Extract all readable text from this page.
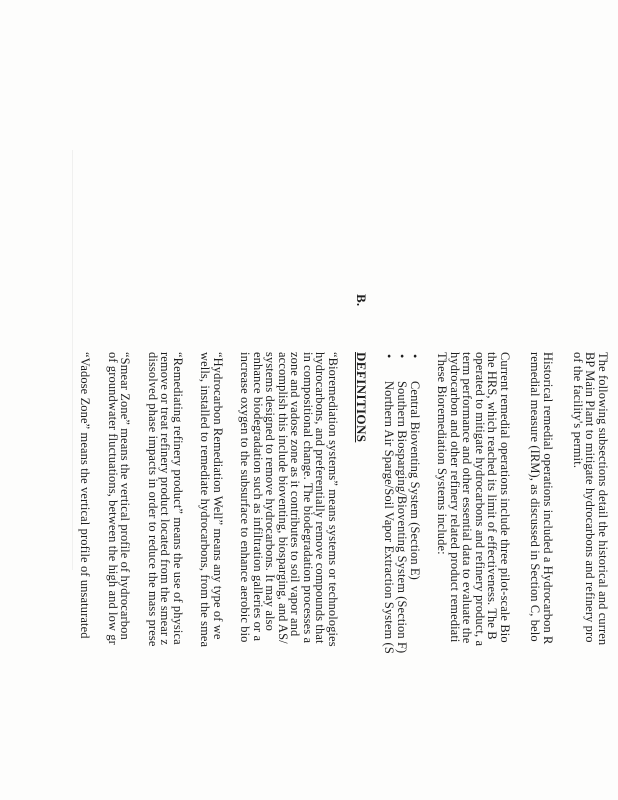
The following subsections detail the historical and curren
BP Main Plant to mitigate hydrocarbons and refinery pro
of the facility's permit.
Historical remedial operations included a Hydrocarbon R
remedial measure (IRM), as discussed in Section C, belo
Current remedial operations include three pilot-scale Bio
the HRS, which reached its limit of effectiveness. The B
operated to mitigate hydrocarbons and refinery product, a
term performance and other essential data to evaluate the
hydrocarbon and other refinery related product remediati
These Bioremediation Systems include:
•
Central Bioventing System (Section E)
•
Southern Biosparging/Bioventing System (Section F)
•
Northern Air Sparge/Soil Vapor Extraction System (S
B.
DEFINITIONS
“Bioremediation systems” means systems or technologies
hydrocarbons, and preferentially remove compounds that
in compositional change. The biodegradation processes a
zone and vadose zone as it contributes to soil vapor and
accomplish this include bioventing, biosparging, and AS/
systems designed to remove hydrocarbons. It may also
enhance biodegradation such as infiltration galleries or a
increase oxygen to the subsurface to enhance aerobic bio
“Hydrocarbon Remediation Well” means any type of we
wells, installed to remediate hydrocarbons, from the smea
“Remediating refinery product” means the use of physica
remove or treat refinery product located from the smear z
dissolved phase impacts in order to reduce the mass prese
“Smear Zone” means the vertical profile of hydrocarbon
of groundwater fluctuations, between the high and low gr
“Vadose Zone” means the vertical profile of unsaturated
